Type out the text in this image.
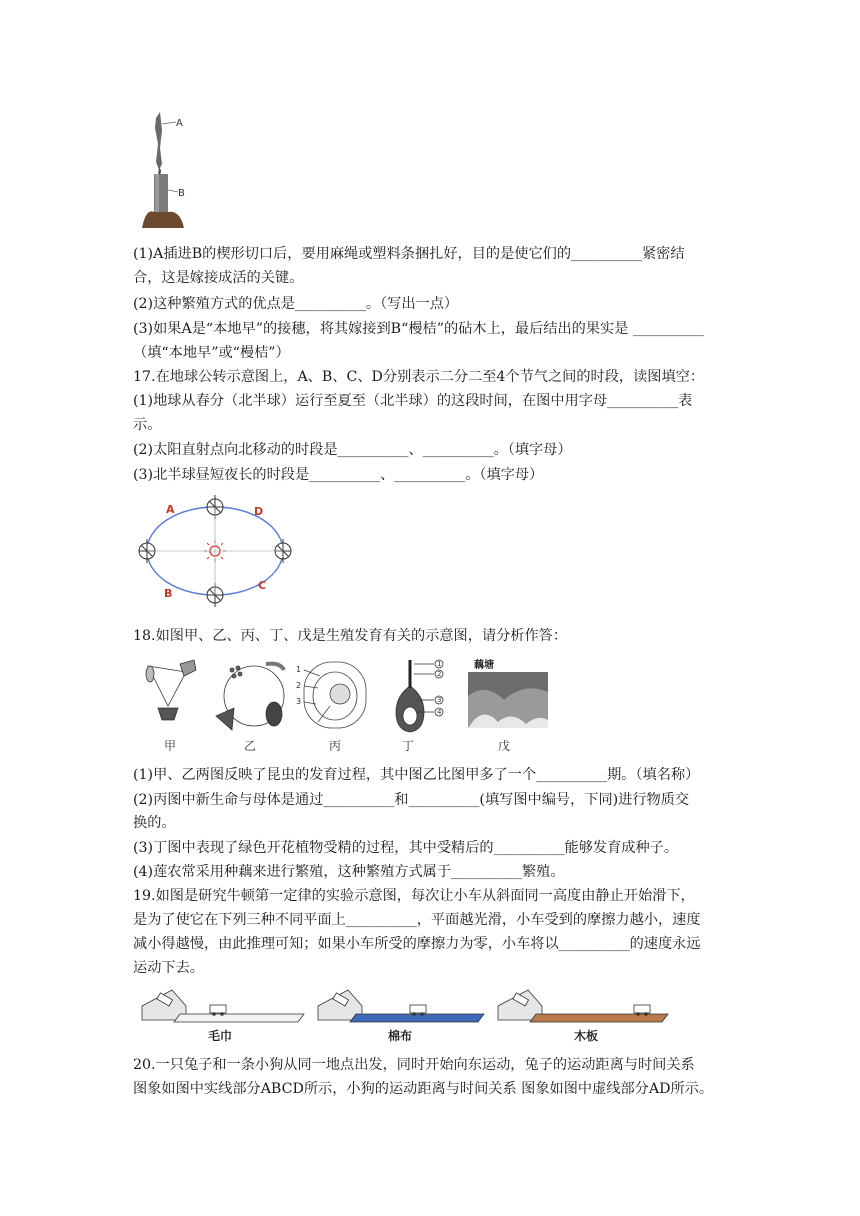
A
B
(1)A插进B的楔形切口后，要用麻绳或塑料条捆扎好，目的是使它们的__________紧密结
合，这是嫁接成活的关键。
(2)这种繁殖方式的优点是__________。（写出一点）
(3)如果A是“本地早”的接穗，将其嫁接到B“槾桔”的砧木上，最后结出的果实是 __________
（填“本地早”或“槾桔”）
17.在地球公转示意图上，A、B、C、D分别表示二分二至4个节气之间的时段，读图填空：
(1)地球从春分（北半球）运行至夏至（北半球）的这段时间，在图中用字母__________表
示。
(2)太阳直射点向北移动的时段是__________、__________。（填字母）
(3)北半球昼短夜长的时段是__________、__________。（填字母）
A	D
B
C
18.如图甲、乙、丙、丁、戊是生殖发育有关的示意图，请分析作答：
1
2
3
1
2
3
4
藕塘
甲	乙	丙	丁	戊
(1)甲、乙两图反映了昆虫的发育过程，其中图乙比图甲多了一个__________期。（填名称）
(2)丙图中新生命与母体是通过__________和__________(填写图中编号，下同)进行物质交
换的。
(3)丁图中表现了绿色开花植物受精的过程，其中受精后的__________能够发育成种子。
(4)莲农常采用种藕来进行繁殖，这种繁殖方式属于__________繁殖。
19.如图是研究牛顿第一定律的实验示意图，每次让小车从斜面同一高度由静止开始滑下，
是为了使它在下列三种不同平面上__________，平面越光滑，小车受到的摩擦力越小，速度
减小得越慢，由此推理可知；如果小车所受的摩擦力为零，小车将以__________的速度永远
运动下去。
毛巾	棉布	木板
20.一只兔子和一条小狗从同一地点出发，同时开始向东运动，兔子的运动距离与时间关系
图象如图中实线部分ABCD所示，小狗的运动距离与时间关系 图象如图中虚线部分AD所示。
